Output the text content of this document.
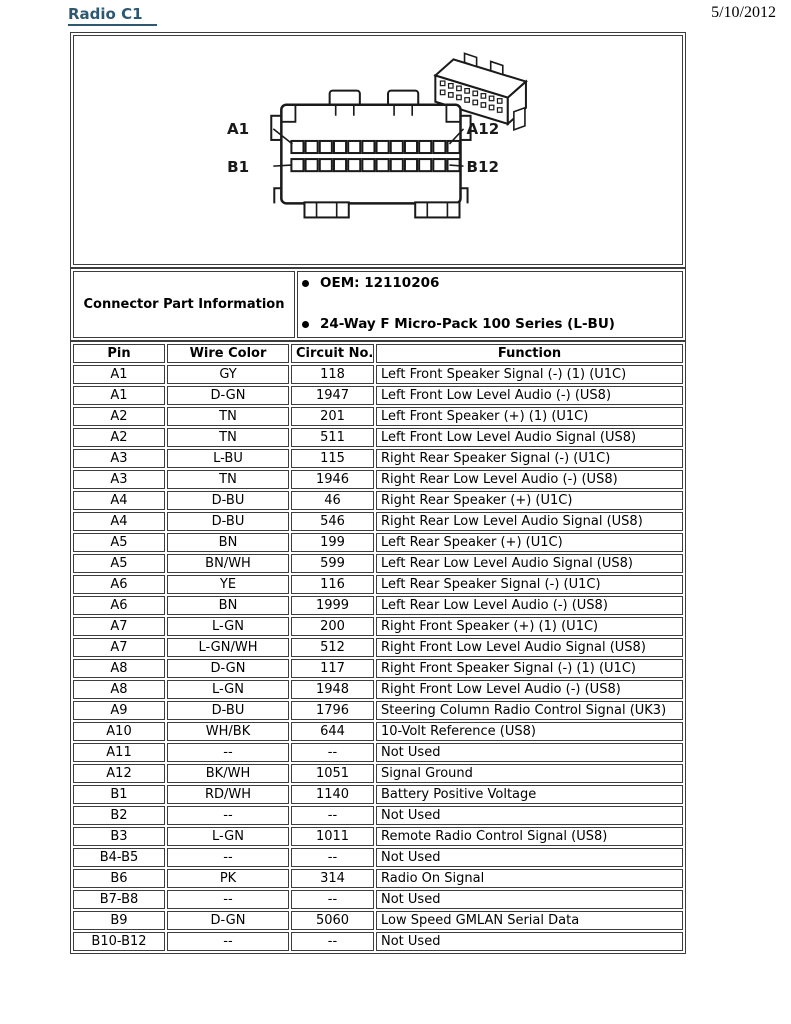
Radio C1	5/10/2012
A1	A12
B1	B12
Connector Part Information	
OEM: 12110206
24-Way F Micro-Pack 100 Series (L-BU)
Pin	Wire Color	Circuit No.	Function
A1	GY	118	Left Front Speaker Signal (-) (1) (U1C)
A1	D-GN	1947	Left Front Low Level Audio (-) (US8)
A2	TN	201	Left Front Speaker (+) (1) (U1C)
A2	TN	511	Left Front Low Level Audio Signal (US8)
A3	L-BU	115	Right Rear Speaker Signal (-) (U1C)
A3	TN	1946	Right Rear Low Level Audio (-) (US8)
A4	D-BU	46	Right Rear Speaker (+) (U1C)
A4	D-BU	546	Right Rear Low Level Audio Signal (US8)
A5	BN	199	Left Rear Speaker (+) (U1C)
A5	BN/WH	599	Left Rear Low Level Audio Signal (US8)
A6	YE	116	Left Rear Speaker Signal (-) (U1C)
A6	BN	1999	Left Rear Low Level Audio (-) (US8)
A7	L-GN	200	Right Front Speaker (+) (1) (U1C)
A7	L-GN/WH	512	Right Front Low Level Audio Signal (US8)
A8	D-GN	117	Right Front Speaker Signal (-) (1) (U1C)
A8	L-GN	1948	Right Front Low Level Audio (-) (US8)
A9	D-BU	1796	Steering Column Radio Control Signal (UK3)
A10	WH/BK	644	10-Volt Reference (US8)
A11	--	--	Not Used
A12	BK/WH	1051	Signal Ground
B1	RD/WH	1140	Battery Positive Voltage
B2	--	--	Not Used
B3	L-GN	1011	Remote Radio Control Signal (US8)
B4-B5	--	--	Not Used
B6	PK	314	Radio On Signal
B7-B8	--	--	Not Used
B9	D-GN	5060	Low Speed GMLAN Serial Data
B10-B12	--	--	Not Used
